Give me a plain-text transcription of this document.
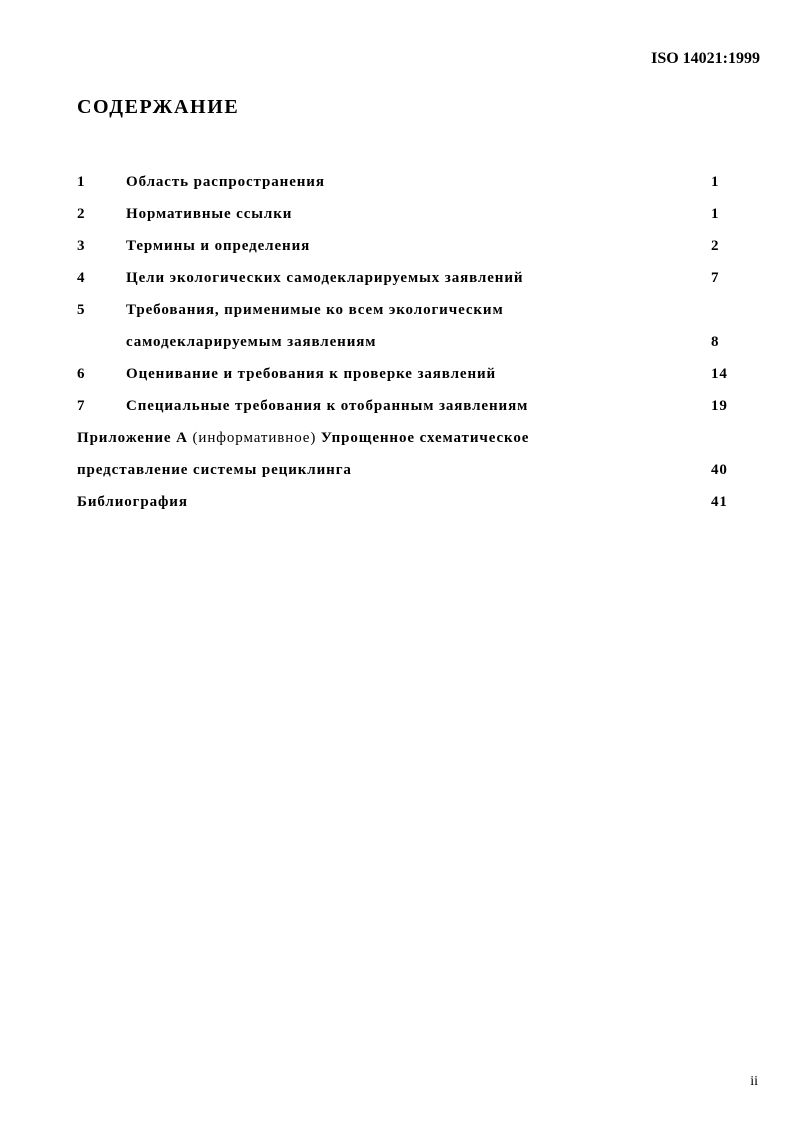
ISO 14021:1999
СОДЕРЖАНИЕ
1	Область распространения	1
2	Нормативные ссылки	1
3	Термины и определения	2
4	Цели экологических самодекларируемых заявлений	7
5	Требования, применимые ко всем экологическим
самодекларируемым заявлениям	8
6	Оценивание и требования к проверке заявлений	14
7	Специальные требования к отобранным заявлениям	19
Приложение А (информативное) Упрощенное схематическое
представление системы рециклинга	40
Библиография	41
ii
